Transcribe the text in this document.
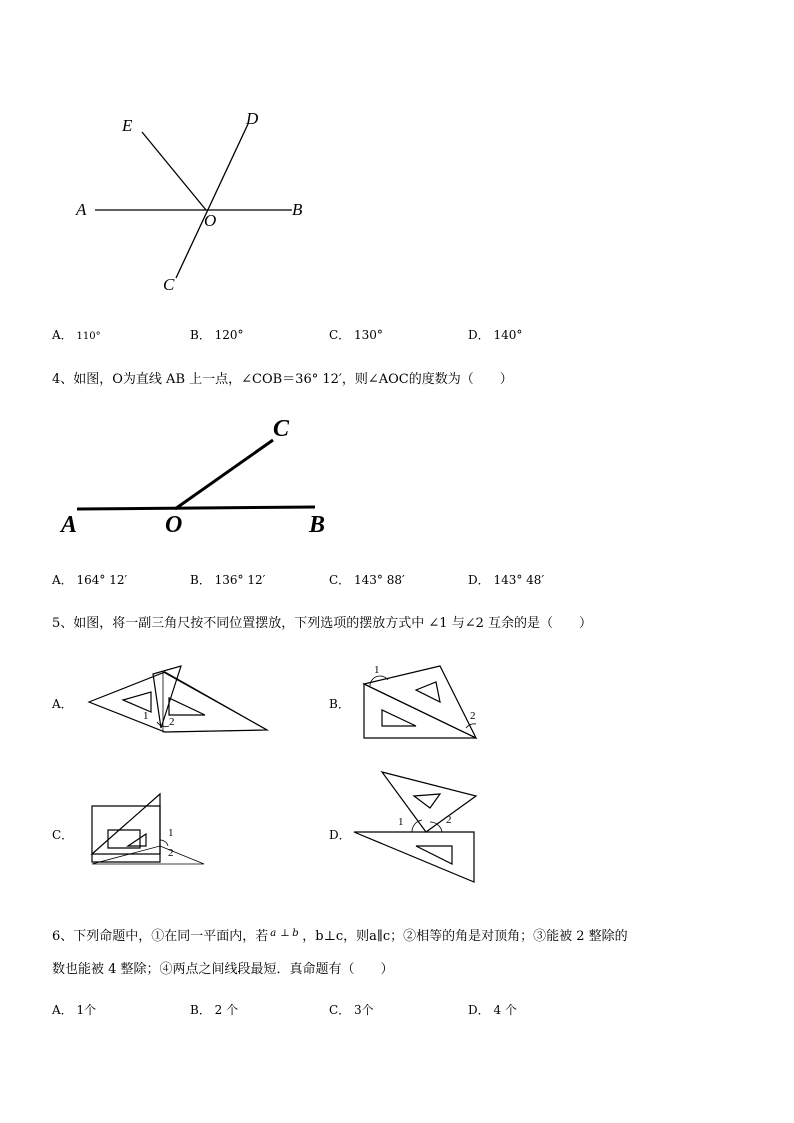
E	D
A
O
B
C
A． 110°	B． 120°	C． 130°	D． 140°
4、如图，O为直线 AB 上一点，∠COB＝36° 12′，则∠AOC的度数为（　　）
C
A	O	B
A． 164° 12′	B． 136° 12′	C． 143° 88′	D． 143° 48′
5、如图，将一副三角尺按不同位置摆放，下列选项的摆放方式中 ∠1 与∠2 互余的是（　　）
A．
1 2
B．
1
2
C．	1
2
D．
1	2
6、下列命题中，①在同一平面内，若 a ⊥ b ，b⊥c，则a∥c；②相等的角是对顶角；③能被 2 整除的
数也能被 4 整除；④两点之间线段最短．真命题有（　　）
A． 1个	B． 2 个	C． 3个	D． 4 个
